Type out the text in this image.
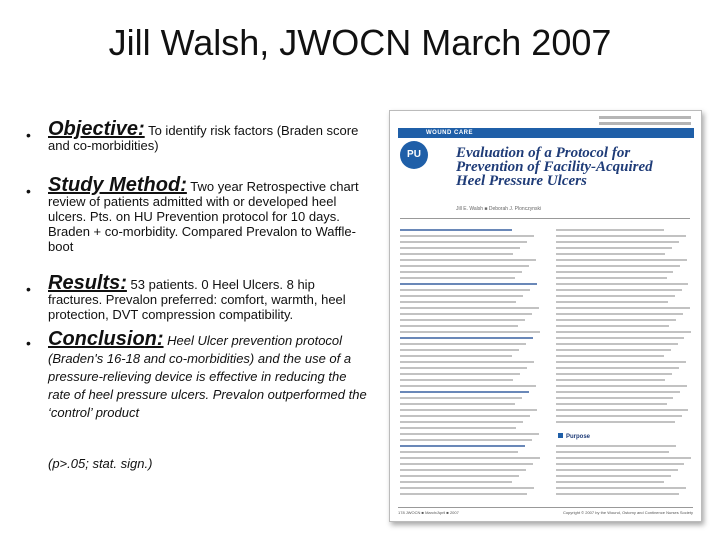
Jill Walsh, JWOCN March 2007
• Objective: To identify risk factors (Braden score and co-morbidities)
• Study Method: Two year Retrospective chart review of patients admitted with or developed heel ulcers. Pts. on HU Prevention protocol for 10 days. Braden + co-morbidity. Compared Prevalon to Waffle-boot
• Results: 53 patients. 0 Heel Ulcers. 8 hip fractures. Prevalon preferred: comfort, warmth, heel protection, DVT compression compatibility.
• Conclusion: Heel Ulcer prevention protocol (Braden's 16-18 and co-morbidities) and the use of a pressure-relieving device is effective in reducing the rate of heel pressure ulcers. Prevalon outperformed the ‘control’ product
(p>.05; stat. sign.)
WOUND CARE
PU	Evaluation of a Protocol for Prevention of Facility-Acquired Heel Pressure Ulcers
Jill E. Walsh ■ Deborah J. Plonczynski
Purpose
178 JWOCN ■ March/April ■ 2007	Copyright © 2007 by the Wound, Ostomy and Continence Nurses Society
